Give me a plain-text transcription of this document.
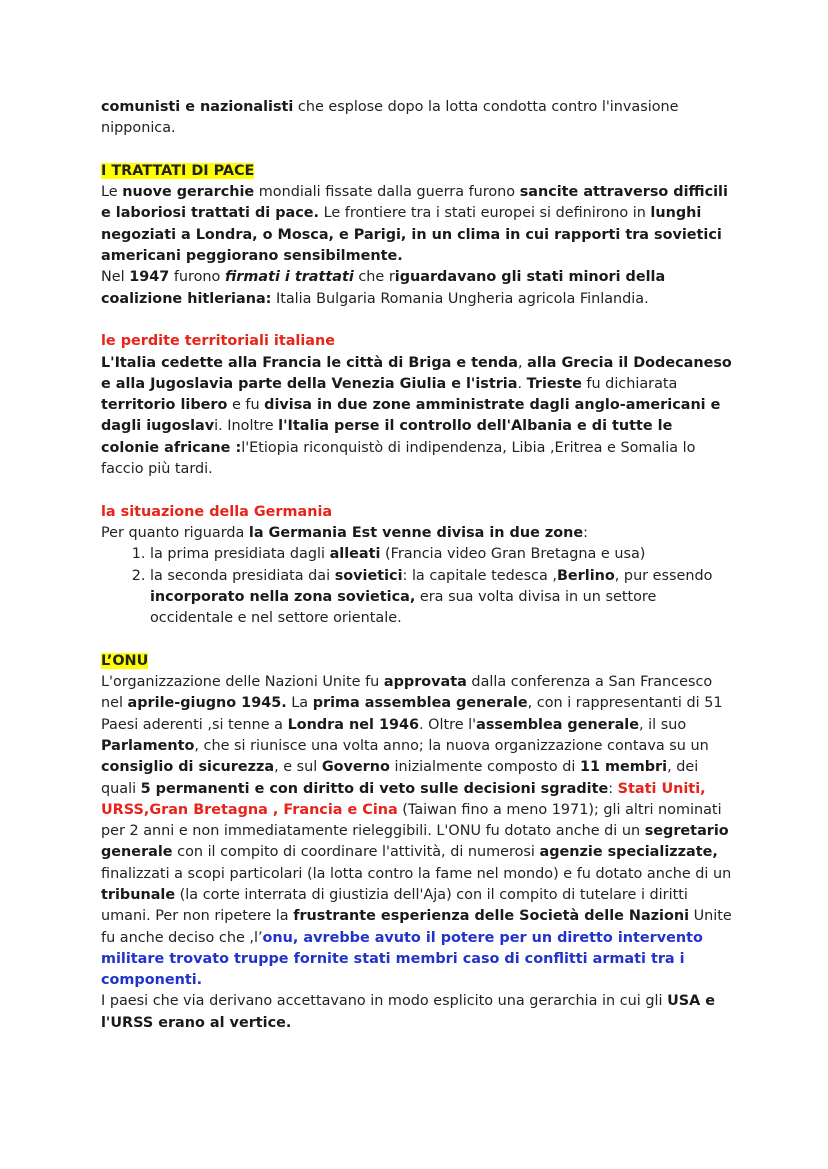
comunisti e nazionalisti che esplose dopo la lotta condotta contro l'invasione nipponica.

I TRATTATI DI PACE

Le nuove gerarchie mondiali fissate dalla guerra furono sancite attraverso difficili e laboriosi trattati di pace. Le frontiere tra i stati europei si definirono in lunghi negoziati a Londra, o Mosca, e Parigi, in un clima in cui rapporti tra sovietici americani peggiorano sensibilmente.

Nel 1947 furono firmati i trattati che riguardavano gli stati minori della coalizione hitleriana: Italia Bulgaria Romania Ungheria agricola Finlandia.

le perdite territoriali italiane

L'Italia cedette alla Francia le città di Briga e tenda, alla Grecia il Dodecaneso e alla Jugoslavia parte della Venezia Giulia e l'istria. Trieste fu dichiarata territorio libero e fu divisa in due zone amministrate dagli anglo-americani e dagli iugoslavi. Inoltre l'Italia perse il controllo dell'Albania e di tutte le colonie africane :l'Etiopia riconquistò di indipendenza, Libia ,Eritrea e Somalia lo faccio più tardi.

la situazione della Germania

Per quanto riguarda la Germania Est venne divisa in due zone:

1. la prima presidiata dagli alleati (Francia video Gran Bretagna e usa)
2. la seconda presidiata dai sovietici: la capitale tedesca ,Berlino, pur essendo incorporato nella zona sovietica, era sua volta divisa in un settore occidentale e nel settore orientale.

L’ONU

L'organizzazione delle Nazioni Unite fu approvata dalla conferenza a San Francesco nel aprile-giugno 1945. La prima assemblea generale, con i rappresentanti di 51 Paesi aderenti ,si tenne a Londra nel 1946. Oltre l'assemblea generale, il suo Parlamento, che si riunisce una volta anno; la nuova organizzazione contava su un consiglio di sicurezza, e sul Governo inizialmente composto di 11 membri, dei quali 5 permanenti e con diritto di veto sulle decisioni sgradite: Stati Uniti, URSS,Gran Bretagna , Francia e Cina (Taiwan fino a meno 1971); gli altri nominati per 2 anni e non immediatamente rieleggibili. L'ONU fu dotato anche di un segretario generale con il compito di coordinare l'attività, di numerosi agenzie specializzate, finalizzati a scopi particolari (la lotta contro la fame nel mondo) e fu dotato anche di un tribunale (la corte interrata di giustizia dell'Aja) con il compito di tutelare i diritti umani. Per non ripetere la frustrante esperienza delle Società delle Nazioni Unite fu anche deciso che ,l’onu, avrebbe avuto il potere per un diretto intervento militare trovato truppe fornite stati membri caso di conflitti armati tra i componenti.

I paesi che via derivano accettavano in modo esplicito una gerarchia in cui gli USA e l'URSS erano al vertice.
